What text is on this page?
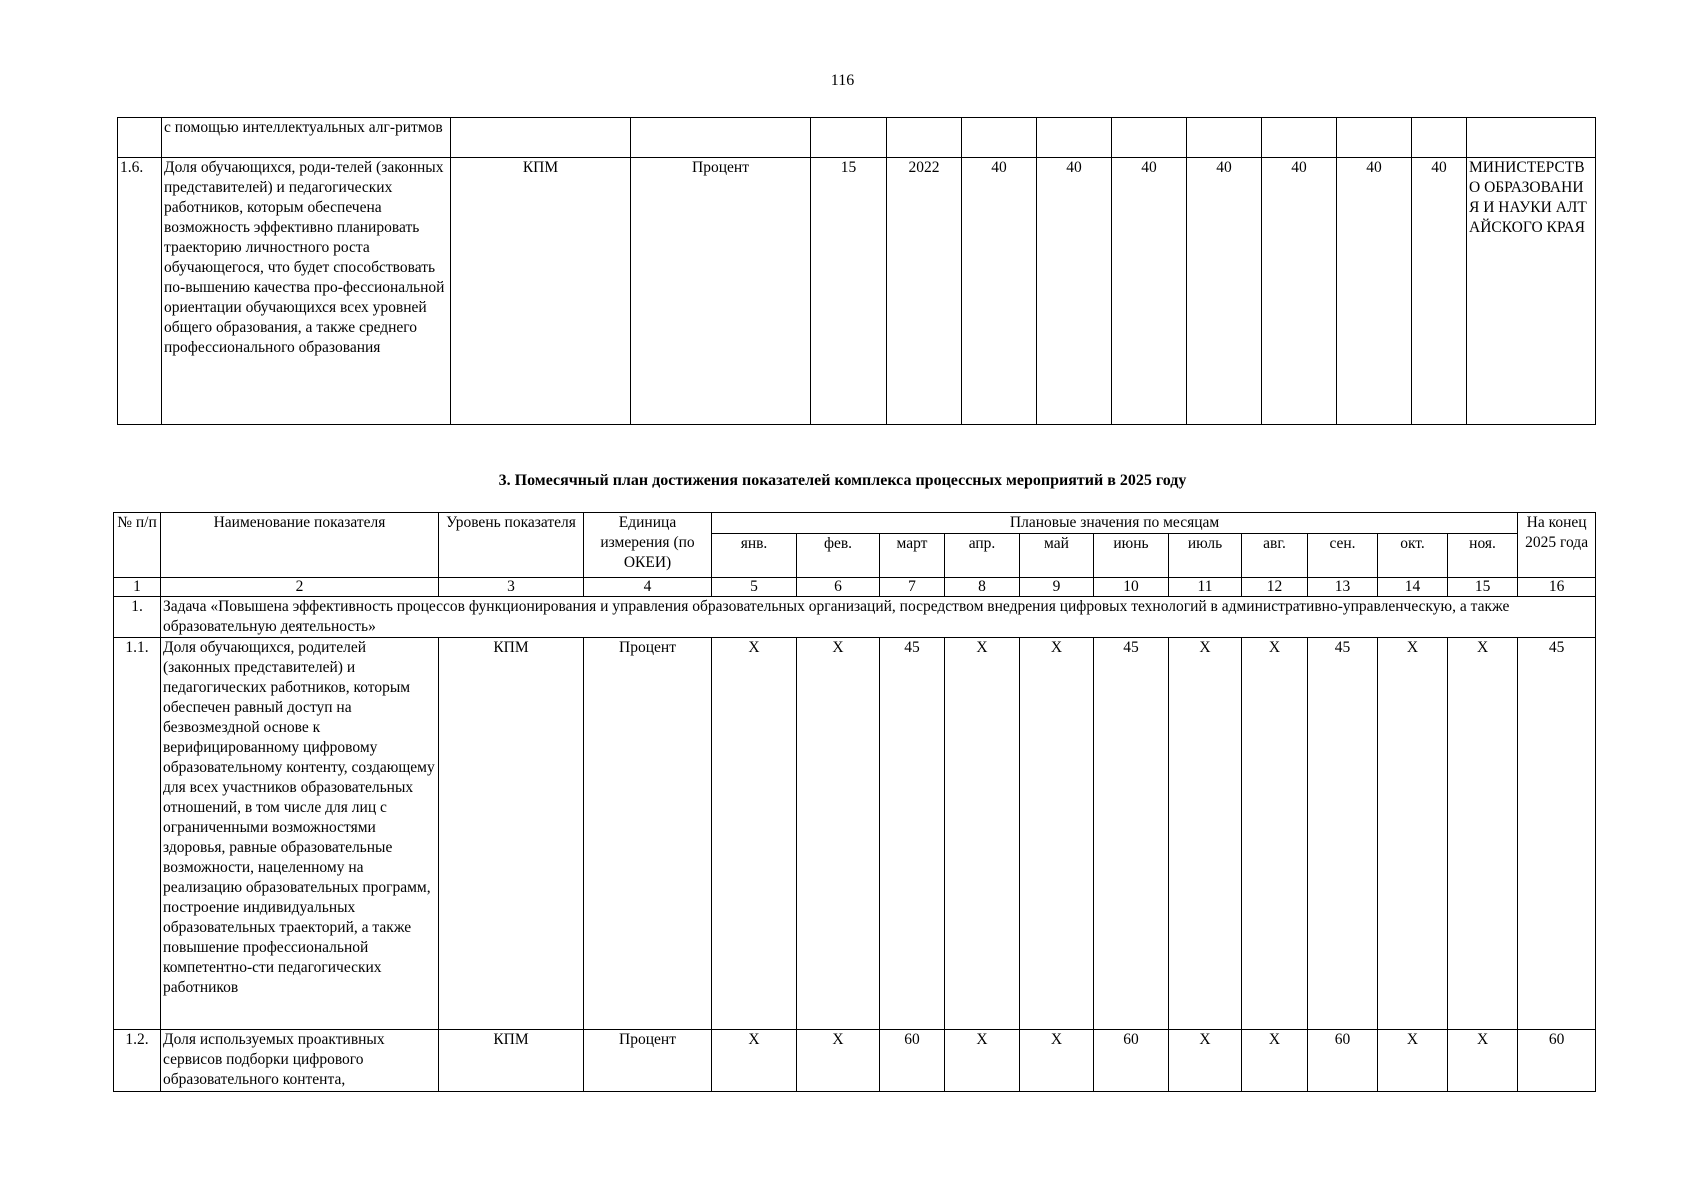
116
	с помощью интеллектуальных алг-ритмов												
1.6.	Доля обучающихся, роди-телей (законных представителей) и педагогических работников, которым обеспечена возможность эффективно планировать траекторию личностного роста обучающегося, что будет способствовать по-вышению качества про-фессиональной ориентации обучающихся всех уровней общего образования, а также среднего профессионального образования	КПМ	Процент	15	2022	40	40	40	40	40	40	40	МИНИСТЕРСТВО ОБРАЗОВАНИЯ И НАУКИ АЛТАЙСКОГО КРАЯ
3. Помесячный план достижения показателей комплекса процессных мероприятий в 2025 году
№ п/п	Наименование показателя	Уровень показателя	Единица измерения (по ОКЕИ)	Плановые значения по месяцам											На конец 2025 года
				янв.	фев.	март	апр.	май	июнь	июль	авг.	сен.	окт.	ноя.	
1	2	3	4	5	6	7	8	9	10	11	12	13	14	15	16
1.	Задача «Повышена эффективность процессов функционирования и управления образовательных организаций, посредством внедрения цифровых технологий в административно-управленческую, а также образовательную деятельность»														
1.1.	Доля обучающихся, родителей (законных представителей) и педагогических работников, которым обеспечен равный доступ на безвозмездной основе к верифицированному цифровому образовательному контенту, создающему для всех участников образовательных отношений, в том числе для лиц с ограниченными возможностями здоровья, равные образовательные возможности, нацеленному на реализацию образовательных программ, построение индивидуальных образовательных траекторий, а также повышение профессиональной компетентно-сти педагогических работников	КПМ	Процент	X	X	45	X	X	45	X	X	45	X	X	45
1.2.	Доля используемых проактивных сервисов подборки цифрового образовательного контента,	КПМ	Процент	X	X	60	X	X	60	X	X	60	X	X	60
